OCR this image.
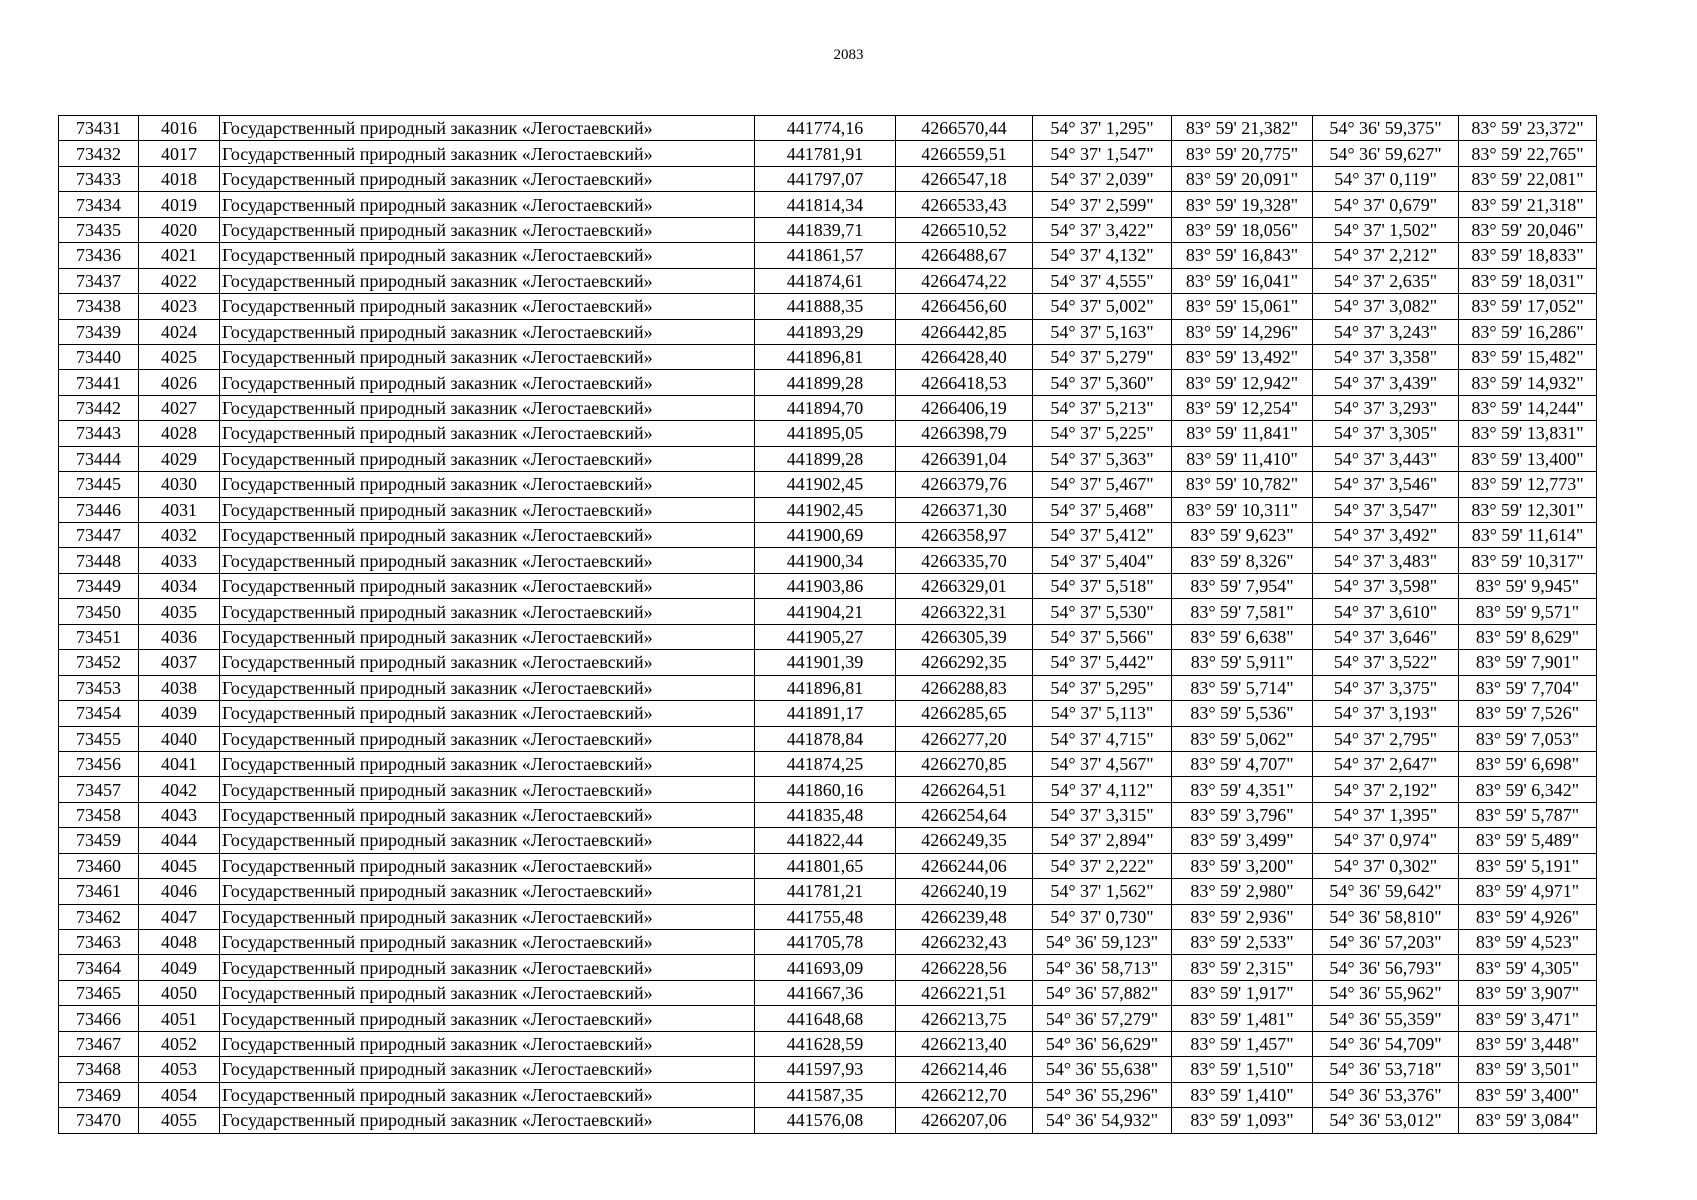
2083
73431	4016	Государственный природный заказник «Легостаевский»	441774,16	4266570,44	54° 37' 1,295"	83° 59' 21,382"	54° 36' 59,375"	83° 59' 23,372"
73432	4017	Государственный природный заказник «Легостаевский»	441781,91	4266559,51	54° 37' 1,547"	83° 59' 20,775"	54° 36' 59,627"	83° 59' 22,765"
73433	4018	Государственный природный заказник «Легостаевский»	441797,07	4266547,18	54° 37' 2,039"	83° 59' 20,091"	54° 37' 0,119"	83° 59' 22,081"
73434	4019	Государственный природный заказник «Легостаевский»	441814,34	4266533,43	54° 37' 2,599"	83° 59' 19,328"	54° 37' 0,679"	83° 59' 21,318"
73435	4020	Государственный природный заказник «Легостаевский»	441839,71	4266510,52	54° 37' 3,422"	83° 59' 18,056"	54° 37' 1,502"	83° 59' 20,046"
73436	4021	Государственный природный заказник «Легостаевский»	441861,57	4266488,67	54° 37' 4,132"	83° 59' 16,843"	54° 37' 2,212"	83° 59' 18,833"
73437	4022	Государственный природный заказник «Легостаевский»	441874,61	4266474,22	54° 37' 4,555"	83° 59' 16,041"	54° 37' 2,635"	83° 59' 18,031"
73438	4023	Государственный природный заказник «Легостаевский»	441888,35	4266456,60	54° 37' 5,002"	83° 59' 15,061"	54° 37' 3,082"	83° 59' 17,052"
73439	4024	Государственный природный заказник «Легостаевский»	441893,29	4266442,85	54° 37' 5,163"	83° 59' 14,296"	54° 37' 3,243"	83° 59' 16,286"
73440	4025	Государственный природный заказник «Легостаевский»	441896,81	4266428,40	54° 37' 5,279"	83° 59' 13,492"	54° 37' 3,358"	83° 59' 15,482"
73441	4026	Государственный природный заказник «Легостаевский»	441899,28	4266418,53	54° 37' 5,360"	83° 59' 12,942"	54° 37' 3,439"	83° 59' 14,932"
73442	4027	Государственный природный заказник «Легостаевский»	441894,70	4266406,19	54° 37' 5,213"	83° 59' 12,254"	54° 37' 3,293"	83° 59' 14,244"
73443	4028	Государственный природный заказник «Легостаевский»	441895,05	4266398,79	54° 37' 5,225"	83° 59' 11,841"	54° 37' 3,305"	83° 59' 13,831"
73444	4029	Государственный природный заказник «Легостаевский»	441899,28	4266391,04	54° 37' 5,363"	83° 59' 11,410"	54° 37' 3,443"	83° 59' 13,400"
73445	4030	Государственный природный заказник «Легостаевский»	441902,45	4266379,76	54° 37' 5,467"	83° 59' 10,782"	54° 37' 3,546"	83° 59' 12,773"
73446	4031	Государственный природный заказник «Легостаевский»	441902,45	4266371,30	54° 37' 5,468"	83° 59' 10,311"	54° 37' 3,547"	83° 59' 12,301"
73447	4032	Государственный природный заказник «Легостаевский»	441900,69	4266358,97	54° 37' 5,412"	83° 59' 9,623"	54° 37' 3,492"	83° 59' 11,614"
73448	4033	Государственный природный заказник «Легостаевский»	441900,34	4266335,70	54° 37' 5,404"	83° 59' 8,326"	54° 37' 3,483"	83° 59' 10,317"
73449	4034	Государственный природный заказник «Легостаевский»	441903,86	4266329,01	54° 37' 5,518"	83° 59' 7,954"	54° 37' 3,598"	83° 59' 9,945"
73450	4035	Государственный природный заказник «Легостаевский»	441904,21	4266322,31	54° 37' 5,530"	83° 59' 7,581"	54° 37' 3,610"	83° 59' 9,571"
73451	4036	Государственный природный заказник «Легостаевский»	441905,27	4266305,39	54° 37' 5,566"	83° 59' 6,638"	54° 37' 3,646"	83° 59' 8,629"
73452	4037	Государственный природный заказник «Легостаевский»	441901,39	4266292,35	54° 37' 5,442"	83° 59' 5,911"	54° 37' 3,522"	83° 59' 7,901"
73453	4038	Государственный природный заказник «Легостаевский»	441896,81	4266288,83	54° 37' 5,295"	83° 59' 5,714"	54° 37' 3,375"	83° 59' 7,704"
73454	4039	Государственный природный заказник «Легостаевский»	441891,17	4266285,65	54° 37' 5,113"	83° 59' 5,536"	54° 37' 3,193"	83° 59' 7,526"
73455	4040	Государственный природный заказник «Легостаевский»	441878,84	4266277,20	54° 37' 4,715"	83° 59' 5,062"	54° 37' 2,795"	83° 59' 7,053"
73456	4041	Государственный природный заказник «Легостаевский»	441874,25	4266270,85	54° 37' 4,567"	83° 59' 4,707"	54° 37' 2,647"	83° 59' 6,698"
73457	4042	Государственный природный заказник «Легостаевский»	441860,16	4266264,51	54° 37' 4,112"	83° 59' 4,351"	54° 37' 2,192"	83° 59' 6,342"
73458	4043	Государственный природный заказник «Легостаевский»	441835,48	4266254,64	54° 37' 3,315"	83° 59' 3,796"	54° 37' 1,395"	83° 59' 5,787"
73459	4044	Государственный природный заказник «Легостаевский»	441822,44	4266249,35	54° 37' 2,894"	83° 59' 3,499"	54° 37' 0,974"	83° 59' 5,489"
73460	4045	Государственный природный заказник «Легостаевский»	441801,65	4266244,06	54° 37' 2,222"	83° 59' 3,200"	54° 37' 0,302"	83° 59' 5,191"
73461	4046	Государственный природный заказник «Легостаевский»	441781,21	4266240,19	54° 37' 1,562"	83° 59' 2,980"	54° 36' 59,642"	83° 59' 4,971"
73462	4047	Государственный природный заказник «Легостаевский»	441755,48	4266239,48	54° 37' 0,730"	83° 59' 2,936"	54° 36' 58,810"	83° 59' 4,926"
73463	4048	Государственный природный заказник «Легостаевский»	441705,78	4266232,43	54° 36' 59,123"	83° 59' 2,533"	54° 36' 57,203"	83° 59' 4,523"
73464	4049	Государственный природный заказник «Легостаевский»	441693,09	4266228,56	54° 36' 58,713"	83° 59' 2,315"	54° 36' 56,793"	83° 59' 4,305"
73465	4050	Государственный природный заказник «Легостаевский»	441667,36	4266221,51	54° 36' 57,882"	83° 59' 1,917"	54° 36' 55,962"	83° 59' 3,907"
73466	4051	Государственный природный заказник «Легостаевский»	441648,68	4266213,75	54° 36' 57,279"	83° 59' 1,481"	54° 36' 55,359"	83° 59' 3,471"
73467	4052	Государственный природный заказник «Легостаевский»	441628,59	4266213,40	54° 36' 56,629"	83° 59' 1,457"	54° 36' 54,709"	83° 59' 3,448"
73468	4053	Государственный природный заказник «Легостаевский»	441597,93	4266214,46	54° 36' 55,638"	83° 59' 1,510"	54° 36' 53,718"	83° 59' 3,501"
73469	4054	Государственный природный заказник «Легостаевский»	441587,35	4266212,70	54° 36' 55,296"	83° 59' 1,410"	54° 36' 53,376"	83° 59' 3,400"
73470	4055	Государственный природный заказник «Легостаевский»	441576,08	4266207,06	54° 36' 54,932"	83° 59' 1,093"	54° 36' 53,012"	83° 59' 3,084"
